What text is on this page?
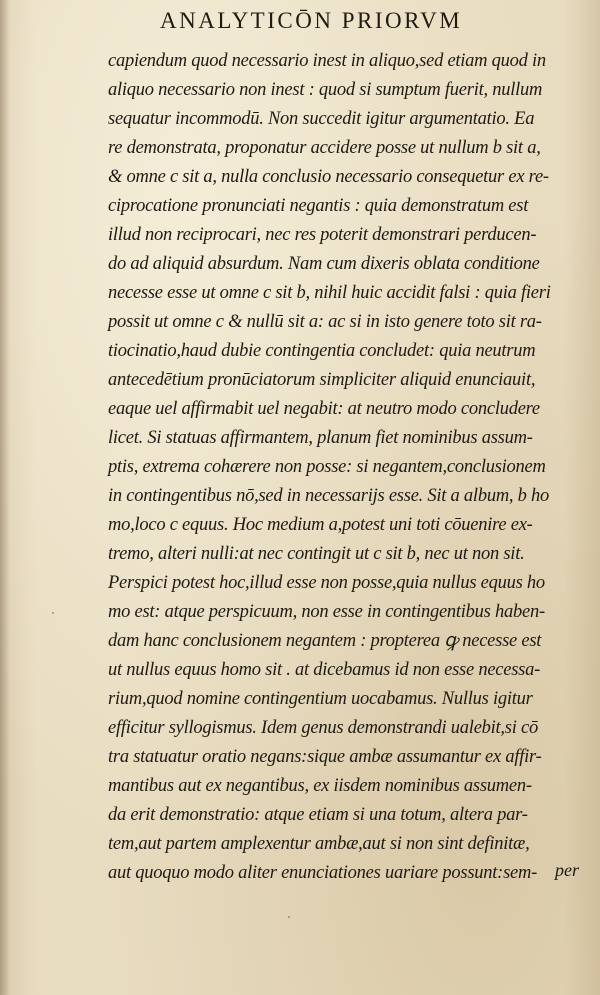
ANALYTICŌN PRIORVM
capiendum quod necessario inest in aliquo,sed etiam quod in
aliquo necessario non inest : quod si sumptum fuerit, nullum
sequatur incommodū. Non succedit igitur argumentatio. Ea
re demonstrata, proponatur accidere posse ut nullum b sit a,
& omne c sit a, nulla conclusio necessario consequetur ex re-
ciprocatione pronunciati negantis : quia demonstratum est
illud non reciprocari, nec res poterit demonstrari perducen-
do ad aliquid absurdum. Nam cum dixeris oblata conditione
necesse esse ut omne c sit b, nihil huic accidit falsi : quia fieri
possit ut omne c & nullū sit a: ac si in isto genere toto sit ra-
tiocinatio,haud dubie contingentia concludet: quia neutrum
antecedētium pronūciatorum simpliciter aliquid enunciauit,
eaque uel affirmabit uel negabit: at neutro modo concludere
licet. Si statuas affirmantem, planum fiet nominibus assum-
ptis, extrema cohærere non posse: si negantem,conclusionem
in contingentibus nō,sed in necessarijs esse. Sit a album, b ho
mo,loco c equus. Hoc medium a,potest uni toti cōuenire ex-
tremo, alteri nulli:at nec contingit ut c sit b, nec ut non sit.
Perspici potest hoc,illud esse non posse,quia nullus equus ho
mo est: atque perspicuum, non esse in contingentibus haben-
dam hanc conclusionem negantem : propterea ꝙ necesse est
ut nullus equus homo sit . at dicebamus id non esse necessa-
rium,quod nomine contingentium uocabamus. Nullus igitur
efficitur syllogismus. Idem genus demonstrandi ualebit,si cō
tra statuatur oratio negans:sique ambæ assumantur ex affir-
mantibus aut ex negantibus, ex iisdem nominibus assumen-
da erit demonstratio: atque etiam si una totum, altera par-
tem,aut partem amplexentur ambæ,aut si non sint definitæ,
aut quoquo modo aliter enunciationes uariare possunt:sem- per
